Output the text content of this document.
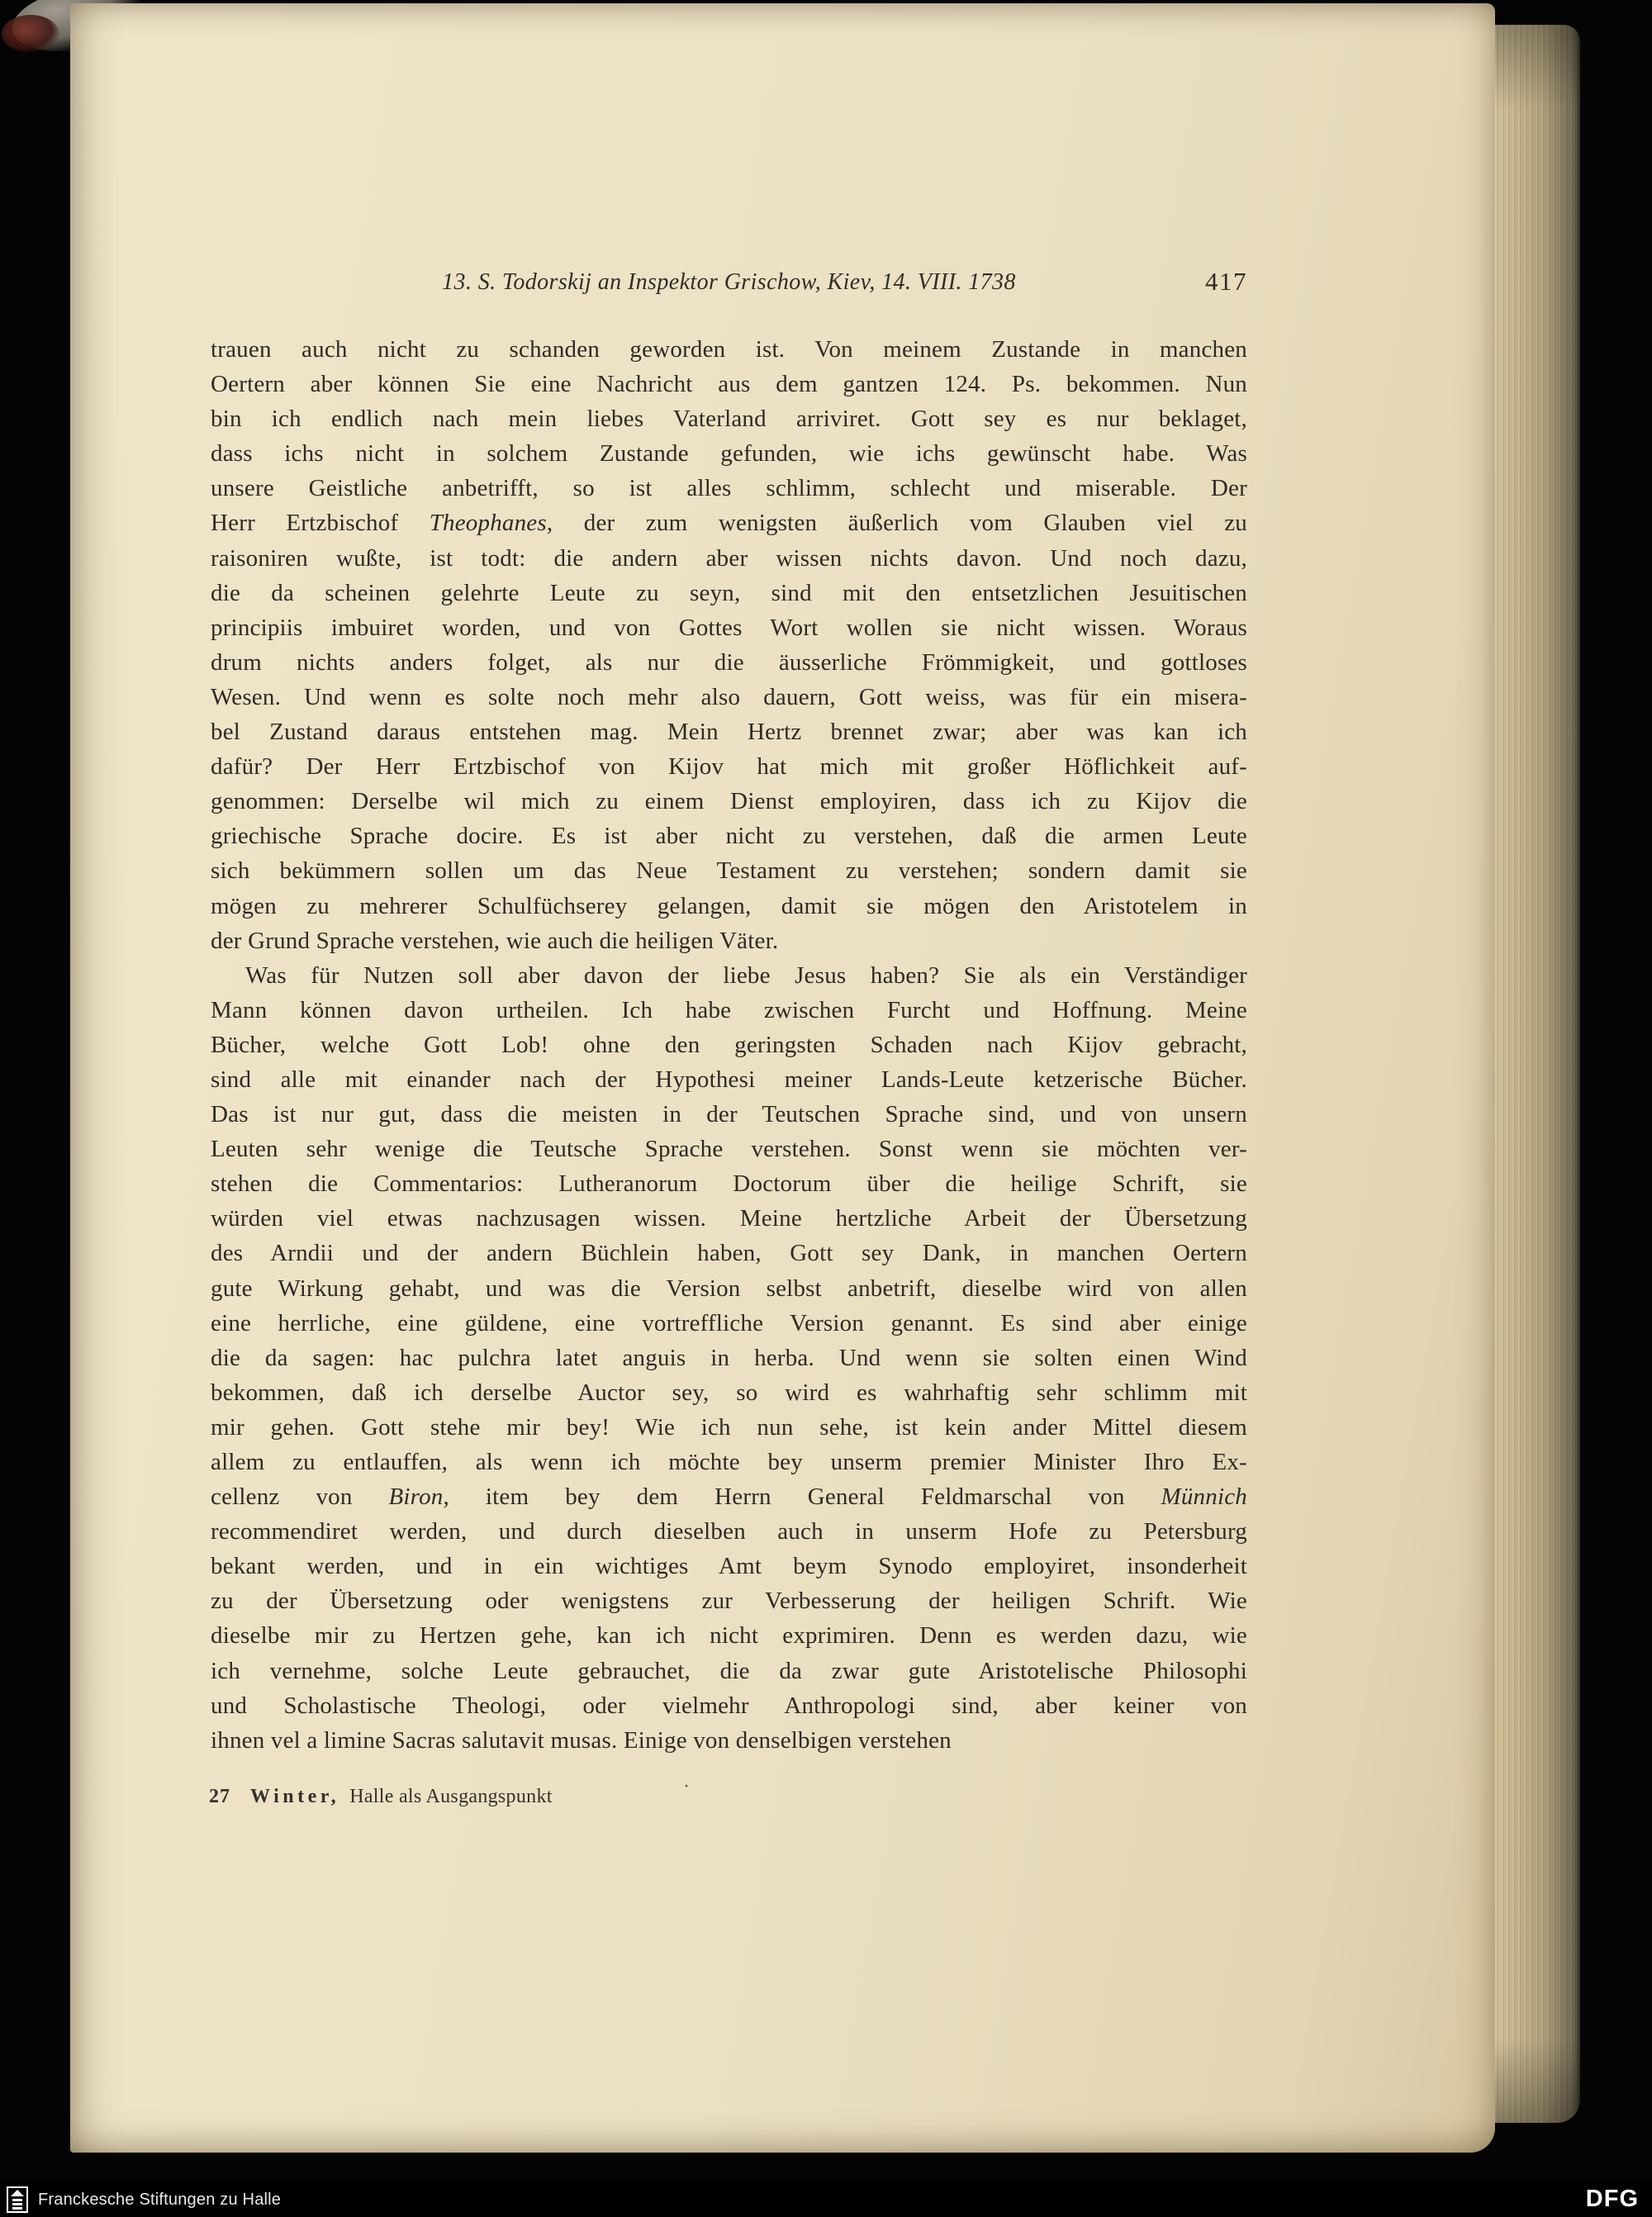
13. S. Todorskij an Inspektor Grischow, Kiev, 14. VIII. 1738	417
trauen auch nicht zu schanden geworden ist. Von meinem Zustande in manchen
Oertern aber können Sie eine Nachricht aus dem gantzen 124. Ps. bekommen. Nun
bin ich endlich nach mein liebes Vaterland arriviret. Gott sey es nur beklaget,
dass ichs nicht in solchem Zustande gefunden, wie ichs gewünscht habe. Was
unsere Geistliche anbetrifft, so ist alles schlimm, schlecht und miserable. Der
Herr Ertzbischof Theophanes, der zum wenigsten äußerlich vom Glauben viel zu
raisoniren wußte, ist todt: die andern aber wissen nichts davon. Und noch dazu,
die da scheinen gelehrte Leute zu seyn, sind mit den entsetzlichen Jesuitischen
principiis imbuiret worden, und von Gottes Wort wollen sie nicht wissen. Woraus
drum nichts anders folget, als nur die äusserliche Frömmigkeit, und gottloses
Wesen. Und wenn es solte noch mehr also dauern, Gott weiss, was für ein misera-
bel Zustand daraus entstehen mag. Mein Hertz brennet zwar; aber was kan ich
dafür? Der Herr Ertzbischof von Kijov hat mich mit großer Höflichkeit auf-
genommen: Derselbe wil mich zu einem Dienst employiren, dass ich zu Kijov die
griechische Sprache docire. Es ist aber nicht zu verstehen, daß die armen Leute
sich bekümmern sollen um das Neue Testament zu verstehen; sondern damit sie
mögen zu mehrerer Schulfüchserey gelangen, damit sie mögen den Aristotelem in
der Grund Sprache verstehen, wie auch die heiligen Väter.
Was für Nutzen soll aber davon der liebe Jesus haben? Sie als ein Verständiger
Mann können davon urtheilen. Ich habe zwischen Furcht und Hoffnung. Meine
Bücher, welche Gott Lob! ohne den geringsten Schaden nach Kijov gebracht,
sind alle mit einander nach der Hypothesi meiner Lands-Leute ketzerische Bücher.
Das ist nur gut, dass die meisten in der Teutschen Sprache sind, und von unsern
Leuten sehr wenige die Teutsche Sprache verstehen. Sonst wenn sie möchten ver-
stehen die Commentarios: Lutheranorum Doctorum über die heilige Schrift, sie
würden viel etwas nachzusagen wissen. Meine hertzliche Arbeit der Übersetzung
des Arndii und der andern Büchlein haben, Gott sey Dank, in manchen Oertern
gute Wirkung gehabt, und was die Version selbst anbetrift, dieselbe wird von allen
eine herrliche, eine güldene, eine vortreffliche Version genannt. Es sind aber einige
die da sagen: hac pulchra latet anguis in herba. Und wenn sie solten einen Wind
bekommen, daß ich derselbe Auctor sey, so wird es wahrhaftig sehr schlimm mit
mir gehen. Gott stehe mir bey! Wie ich nun sehe, ist kein ander Mittel diesem
allem zu entlauffen, als wenn ich möchte bey unserm premier Minister Ihro Ex-
cellenz von Biron, item bey dem Herrn General Feldmarschal von Münnich
recommendiret werden, und durch dieselben auch in unserm Hofe zu Petersburg
bekant werden, und in ein wichtiges Amt beym Synodo employiret, insonderheit
zu der Übersetzung oder wenigstens zur Verbesserung der heiligen Schrift. Wie
dieselbe mir zu Hertzen gehe, kan ich nicht exprimiren. Denn es werden dazu, wie
ich vernehme, solche Leute gebrauchet, die da zwar gute Aristotelische Philosophi
und Scholastische Theologi, oder vielmehr Anthropologi sind, aber keiner von
ihnen vel a limine Sacras salutavit musas. Einige von denselbigen verstehen
27 Winter, Halle als Ausgangspunkt	·
Franckesche Stiftungen zu Halle	DFG
